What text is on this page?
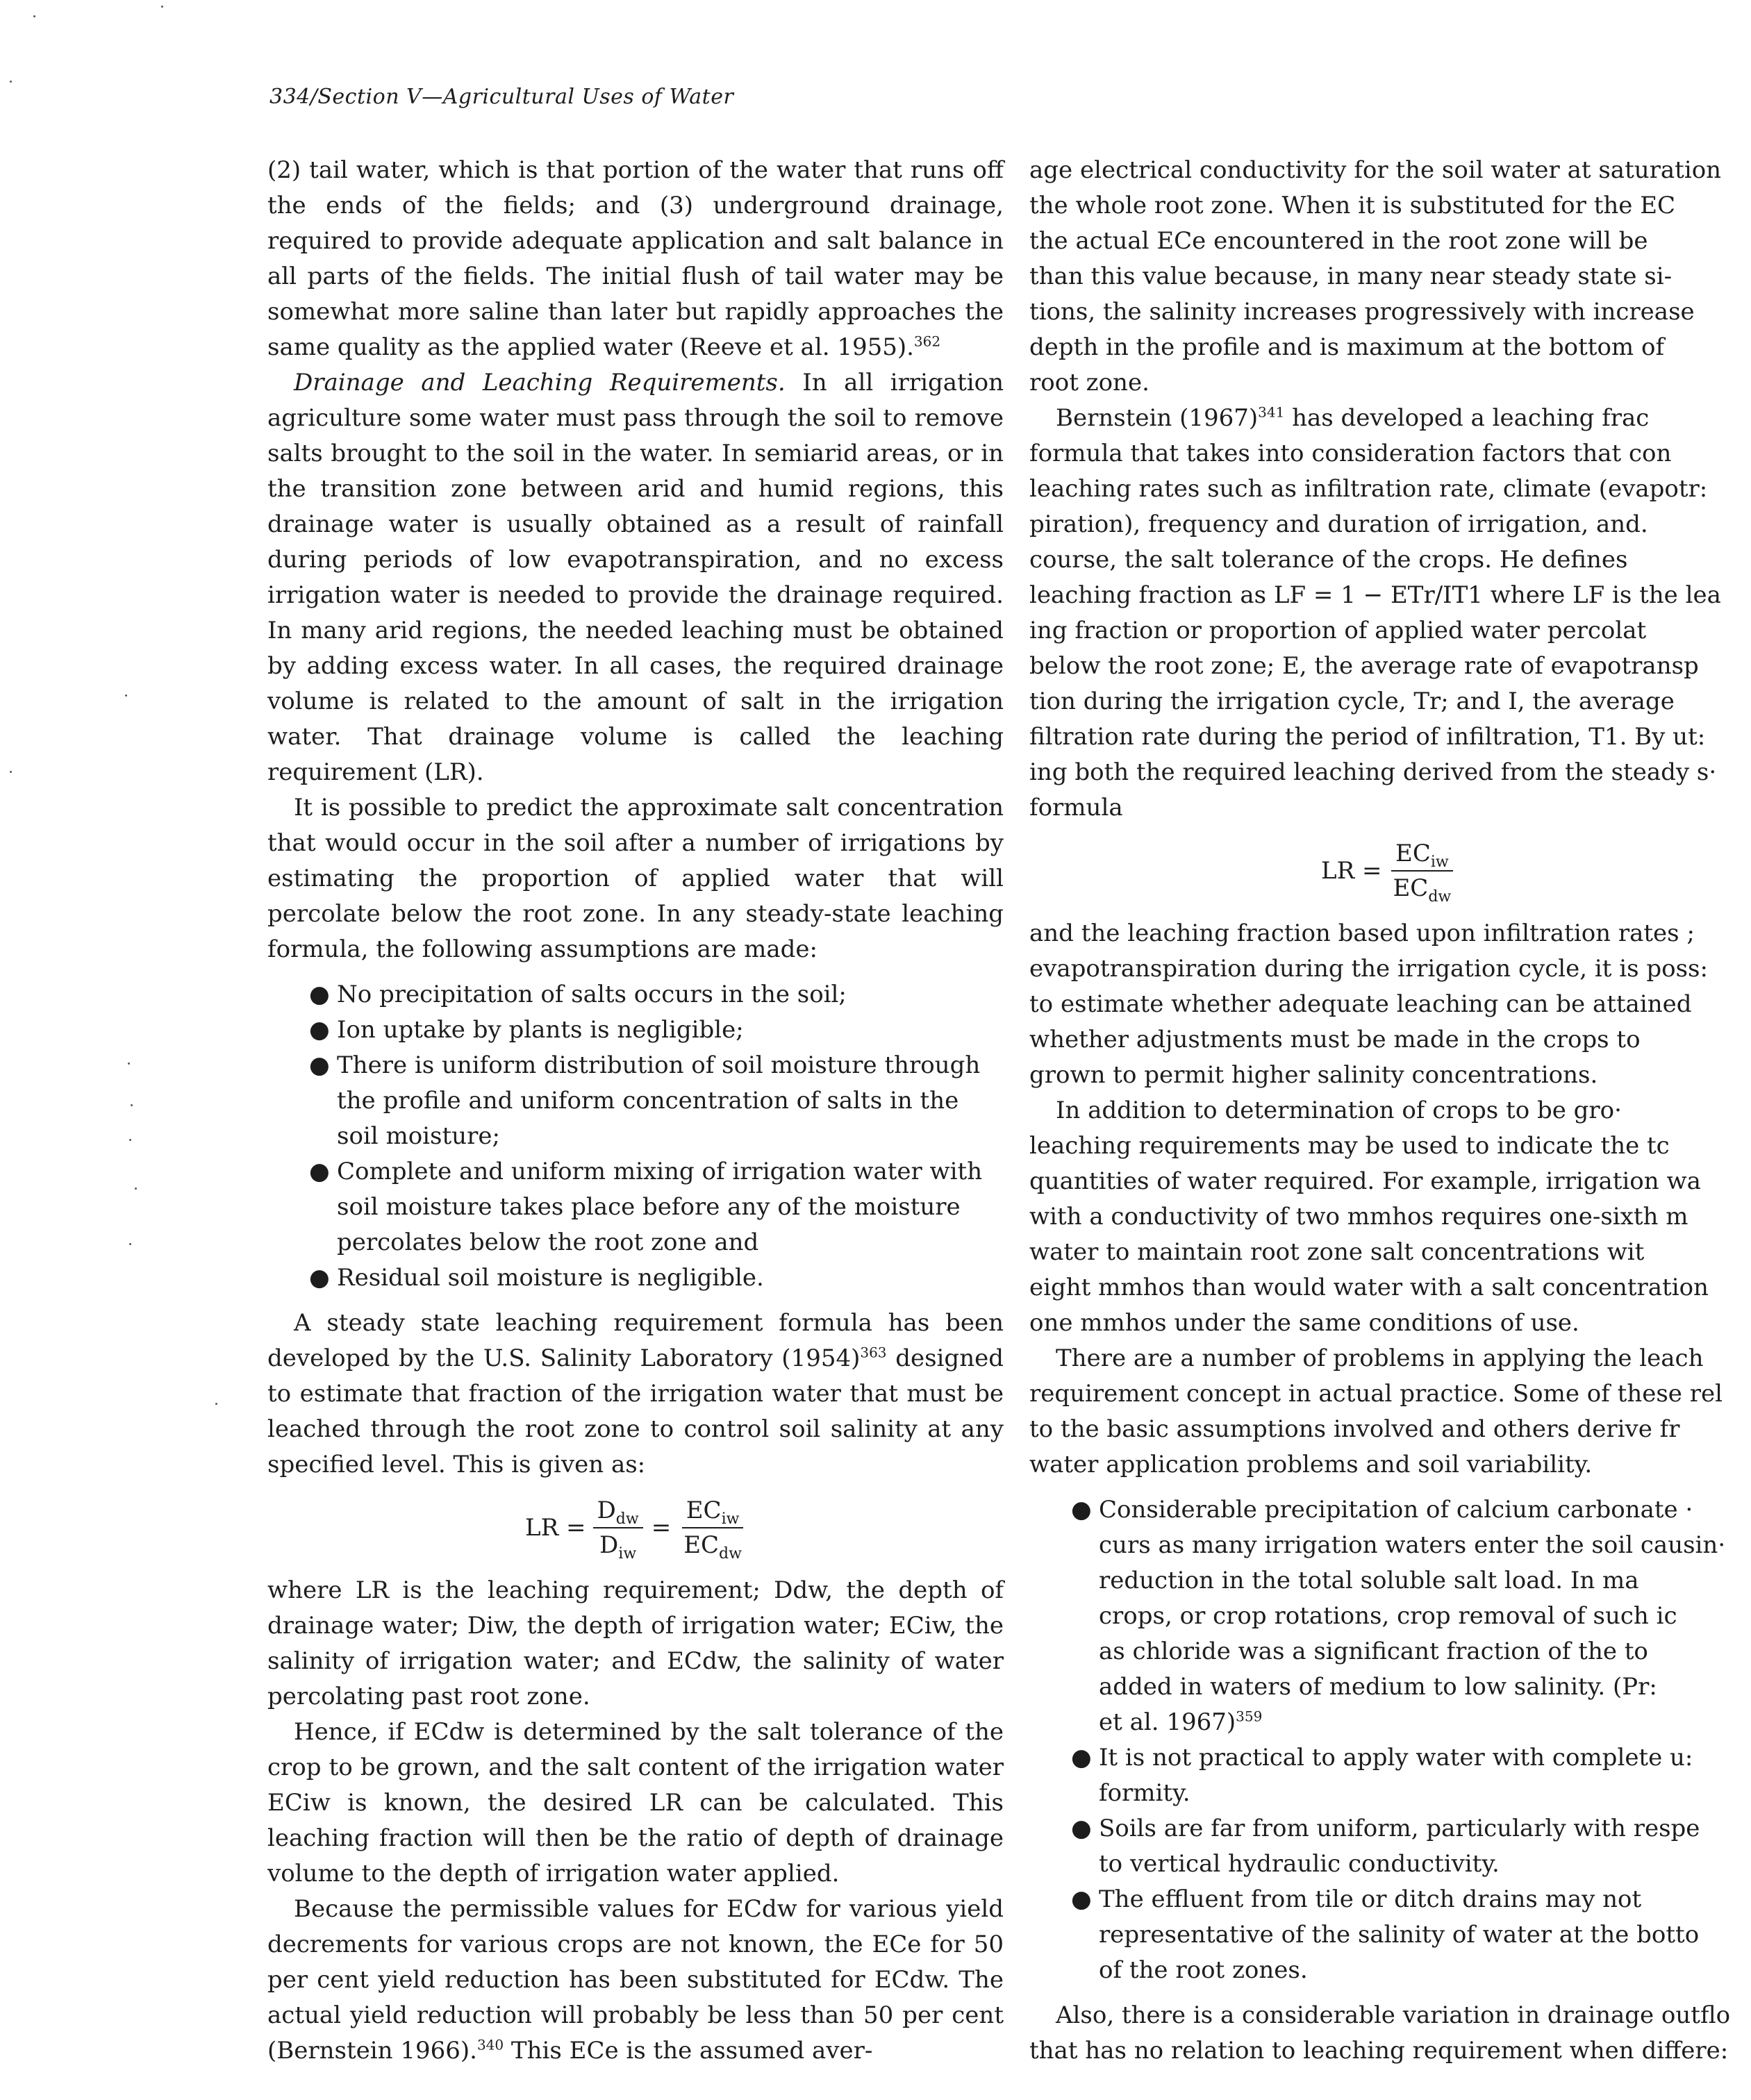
334/Section V—Agricultural Uses of Water

(2) tail water, which is that portion of the water that runs off the ends of the fields; and (3) underground drainage, required to provide adequate application and salt balance in all parts of the fields. The initial flush of tail water may be somewhat more saline than later but rapidly approaches the same quality as the applied water (Reeve et al. 1955).$^{362}$

Drainage and Leaching Requirements. In all irrigation agriculture some water must pass through the soil to remove salts brought to the soil in the water. In semiarid areas, or in the transition zone between arid and humid regions, this drainage water is usually obtained as a result of rainfall during periods of low evapotranspiration, and no excess irrigation water is needed to provide the drainage required. In many arid regions, the needed leaching must be obtained by adding excess water. In all cases, the required drainage volume is related to the amount of salt in the irrigation water. That drainage volume is called the leaching requirement (LR).

It is possible to predict the approximate salt concentration that would occur in the soil after a number of irrigations by estimating the proportion of applied water that will percolate below the root zone. In any steady-state leaching formula, the following assumptions are made:

● No precipitation of salts occurs in the soil;
● Ion uptake by plants is negligible;
● There is uniform distribution of soil moisture through the profile and uniform concentration of salts in the soil moisture;
● Complete and uniform mixing of irrigation water with soil moisture takes place before any of the moisture percolates below the root zone and
● Residual soil moisture is negligible.

A steady state leaching requirement formula has been developed by the U.S. Salinity Laboratory $(1954)^{363}$ designed to estimate that fraction of the irrigation water that must be leached through the root zone to control soil salinity at any specified level. This is given as:

LR = $\frac{D_{dw}}{D_{iw}} = \frac{EC_{iw}}{EC_{dw}}$

where LR is the leaching requirement; Ddw, the depth of drainage water; Diw, the depth of irrigation water; ECiw, the salinity of irrigation water; and ECdw, the salinity of water percolating past root zone.

Hence, if ECdw is determined by the salt tolerance of the crop to be grown, and the salt content of the irrigation water ECiw is known, the desired LR can be calculated. This leaching fraction will then be the ratio of depth of drainage volume to the depth of irrigation water applied.

Because the permissible values for ECdw for various yield decrements for various crops are not known, the ECe for 50 per cent yield reduction has been substituted for ECdw. The actual yield reduction will probably be less than 50 per cent (Bernstein 1966).$^{340}$ This ECe is the assumed aver-

age electrical conductivity for the soil water at saturation

the whole root zone. When it is substituted for the EC

the actual ECe encountered in the root zone will be

than this value because, in many near steady state si-

tions, the salinity increases progressively with increase

depth in the profile and is maximum at the bottom of

root zone.

Bernstein $(1967)^{341}$ has developed a leaching frac

formula that takes into consideration factors that con

leaching rates such as infiltration rate, climate (evapotr:

piration), frequency and duration of irrigation, and.

course, the salt tolerance of the crops. He defines

leaching fraction as LF = 1 − ETr/IT1 where LF is the lea

ing fraction or proportion of applied water percolat

below the root zone; E, the average rate of evapotransp

tion during the irrigation cycle, Tr; and I, the average

filtration rate during the period of infiltration, T1. By ut:

ing both the required leaching derived from the steady s·

formula

LR = $\frac{EC_{iw}}{EC_{dw}}$

and the leaching fraction based upon infiltration rates ;

evapotranspiration during the irrigation cycle, it is poss:

to estimate whether adequate leaching can be attained

whether adjustments must be made in the crops to

grown to permit higher salinity concentrations.

In addition to determination of crops to be gro·

leaching requirements may be used to indicate the tc

quantities of water required. For example, irrigation wa

with a conductivity of two mmhos requires one-sixth m

water to maintain root zone salt concentrations wit

eight mmhos than would water with a salt concentration

one mmhos under the same conditions of use.

There are a number of problems in applying the leach

requirement concept in actual practice. Some of these rel

to the basic assumptions involved and others derive fr

water application problems and soil variability.

● Considerable precipitation of calcium carbonate ·
curs as many irrigation waters enter the soil causin·
reduction in the total soluble salt load. In ma
crops, or crop rotations, crop removal of such ic
as chloride was a significant fraction of the to
added in waters of medium to low salinity. (Pr:
et al. 1967)$^{359}$
● It is not practical to apply water with complete u:
formity.
● Soils are far from uniform, particularly with respe
to vertical hydraulic conductivity.
● The effluent from tile or ditch drains may not
representative of the salinity of water at the botto
of the root zones.

Also, there is a considerable variation in drainage outflo

that has no relation to leaching requirement when differe:
